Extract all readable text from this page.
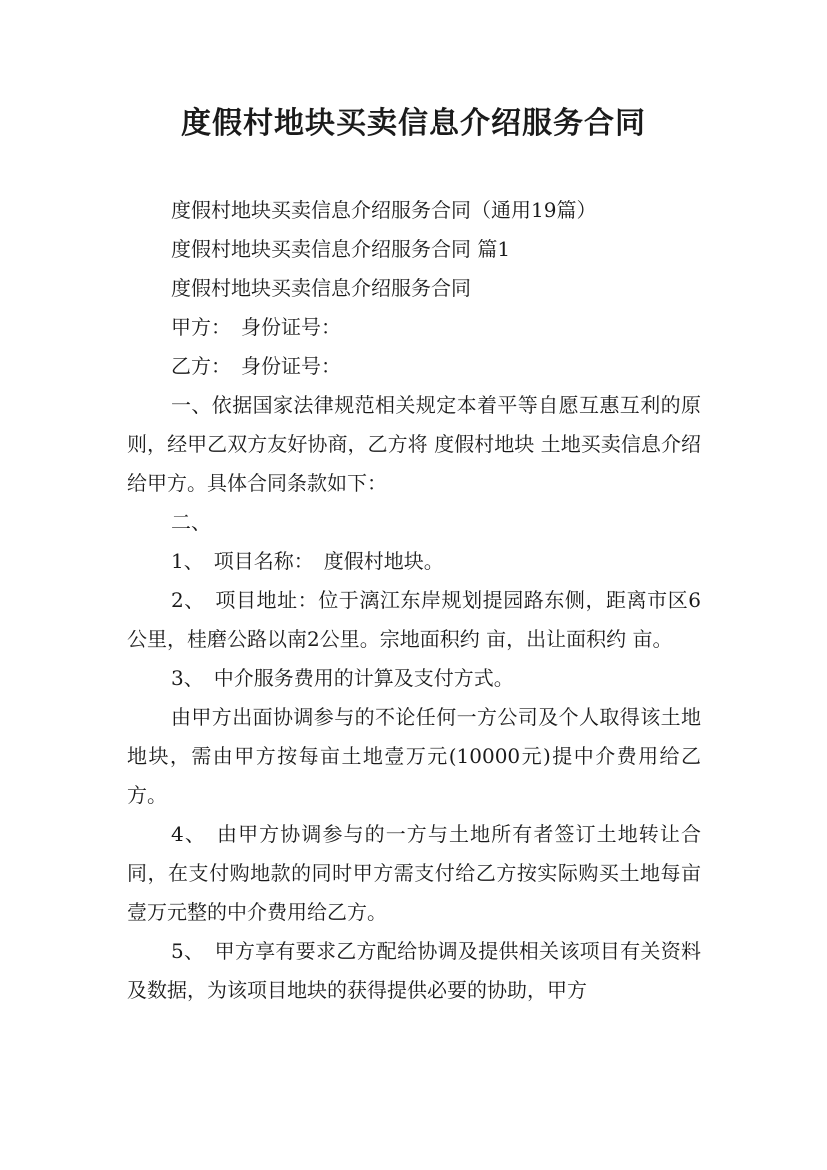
度假村地块买卖信息介绍服务合同

度假村地块买卖信息介绍服务合同（通用19篇）

度假村地块买卖信息介绍服务合同 篇1

度假村地块买卖信息介绍服务合同

甲方：　身份证号：

乙方：　身份证号：

一、依据国家法律规范相关规定本着平等自愿互惠互利的原则，经甲乙双方友好协商，乙方将 度假村地块 土地买卖信息介绍给甲方。具体合同条款如下：

二、

1、　项目名称：　度假村地块。

2、　项目地址：位于漓江东岸规划提园路东侧，距离市区6公里，桂磨公路以南2公里。宗地面积约 亩，出让面积约 亩。

3、　中介服务费用的计算及支付方式。

由甲方出面协调参与的不论任何一方公司及个人取得该土地地块，需由甲方按每亩土地壹万元(10000元)提中介费用给乙方。

4、　由甲方协调参与的一方与土地所有者签订土地转让合同，在支付购地款的同时甲方需支付给乙方按实际购买土地每亩壹万元整的中介费用给乙方。

5、　甲方享有要求乙方配给协调及提供相关该项目有关资料及数据，为该项目地块的获得提供必要的协助，甲方
